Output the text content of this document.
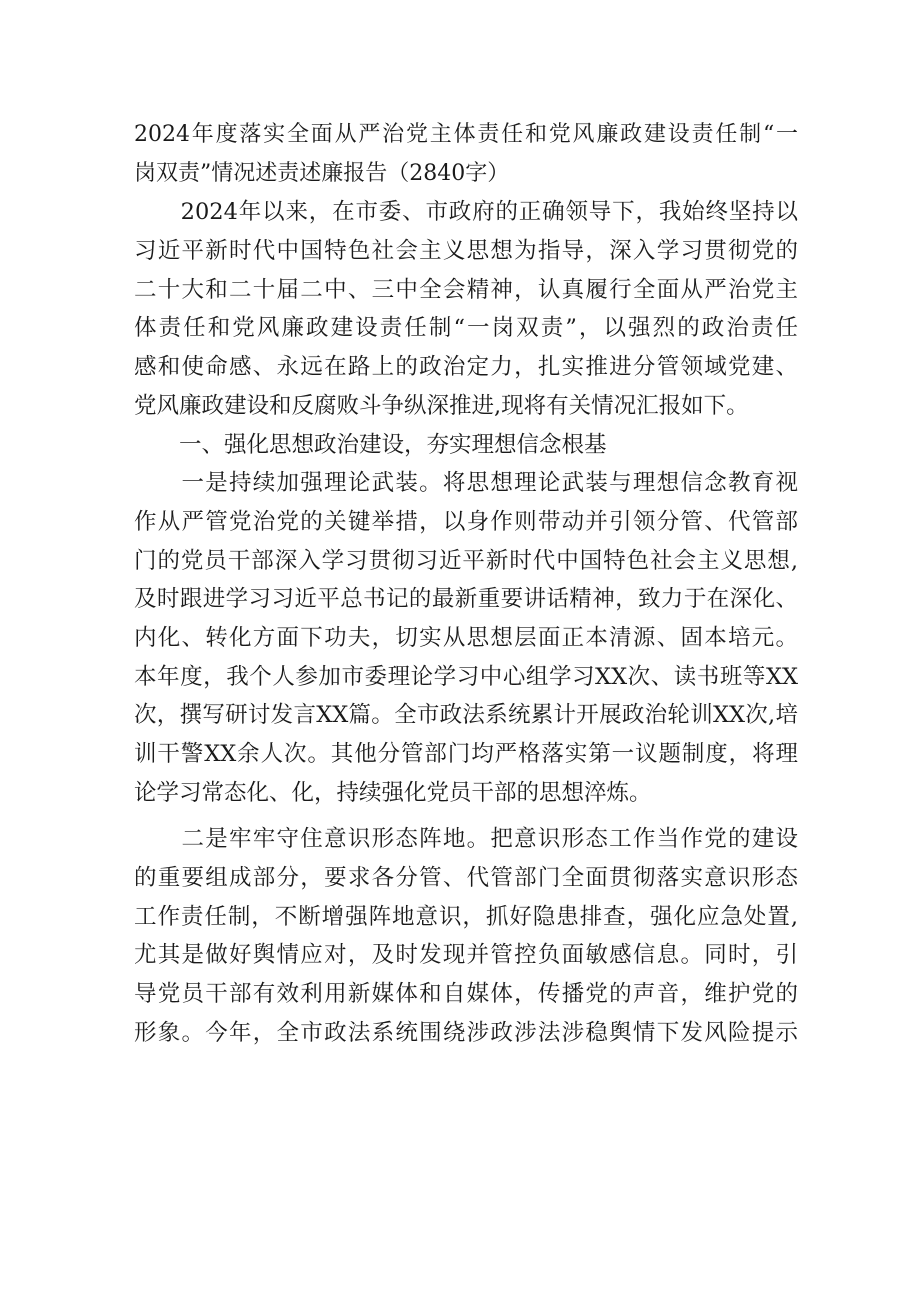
2024年度落实全面从严治党主体责任和党风廉政建设责任制“一
岗双责”情况述责述廉报告（2840字）
　　2024年以来，在市委、市政府的正确领导下，我始终坚持以
习近平新时代中国特色社会主义思想为指导，深入学习贯彻党的
二十大和二十届二中、三中全会精神，认真履行全面从严治党主
体责任和党风廉政建设责任制“一岗双责”，以强烈的政治责任
感和使命感、永远在路上的政治定力，扎实推进分管领域党建、
党风廉政建设和反腐败斗争纵深推进,现将有关情况汇报如下。
　　一、强化思想政治建设，夯实理想信念根基
　　一是持续加强理论武装。将思想理论武装与理想信念教育视
作从严管党治党的关键举措，以身作则带动并引领分管、代管部
门的党员干部深入学习贯彻习近平新时代中国特色社会主义思想,
及时跟进学习习近平总书记的最新重要讲话精神，致力于在深化、
内化、转化方面下功夫，切实从思想层面正本清源、固本培元。
本年度，我个人参加市委理论学习中心组学习XX次、读书班等XX
次，撰写研讨发言XX篇。全市政法系统累计开展政治轮训XX次,培
训干警XX余人次。其他分管部门均严格落实第一议题制度，将理
论学习常态化、化，持续强化党员干部的思想淬炼。
　　二是牢牢守住意识形态阵地。把意识形态工作当作党的建设
的重要组成部分，要求各分管、代管部门全面贯彻落实意识形态
工作责任制，不断增强阵地意识，抓好隐患排查，强化应急处置,
尤其是做好舆情应对，及时发现并管控负面敏感信息。同时，引
导党员干部有效利用新媒体和自媒体，传播党的声音，维护党的
形象。今年，全市政法系统围绕涉政涉法涉稳舆情下发风险提示
